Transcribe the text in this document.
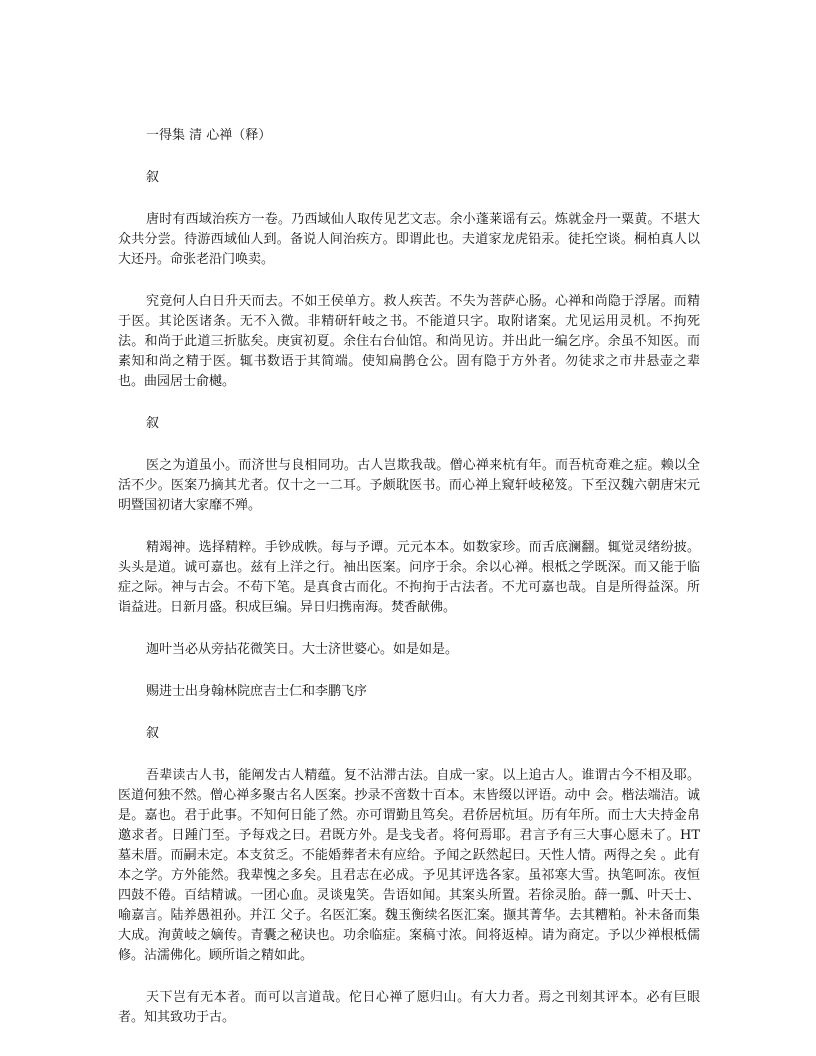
一得集 清 心禅（释）

叙

唐时有西域治疾方一卷。乃西域仙人取传见艺文志。余小蓬莱谣有云。炼就金丹一粟黄。不堪大众共分尝。待游西域仙人到。备说人间治疾方。即谓此也。夫道家龙虎铅汞。徒托空谈。桐柏真人以大还丹。命张老沿门唤卖。

究竟何人白日升天而去。不如王侯单方。救人疾苦。不失为菩萨心肠。心禅和尚隐于浮屠。而精于医。其论医诸条。无不入微。非精研轩岐之书。不能道只字。取附诸案。尤见运用灵机。不拘死法。和尚于此道三折肱矣。庚寅初夏。余住右台仙馆。和尚见访。并出此一编乞序。余虽不知医。而素知和尚之精于医。辄书数语于其简端。使知扁鹊仓公。固有隐于方外者。勿徒求之市井悬壶之辈也。曲园居士俞樾。

叙

医之为道虽小。而济世与良相同功。古人岂欺我哉。僧心禅来杭有年。而吾杭奇难之症。赖以全活不少。医案乃摘其尤者。仅十之一二耳。予颇耽医书。而心禅上窥轩岐秘笈。下至汉魏六朝唐宋元明暨国初诸大家靡不殚。

精竭神。选择精粹。手钞成帙。每与予谭。元元本本。如数家珍。而舌底澜翻。辄觉灵绪纷披。头头是道。诚可嘉也。兹有上洋之行。袖出医案。问序于余。余以心禅。根柢之学既深。而又能于临症之际。神与古会。不苟下笔。是真食古而化。不拘拘于古法者。不尤可嘉也哉。自是所得益深。所诣益进。日新月盛。积成巨编。异日归携南海。焚香献佛。

迦叶当必从旁拈花微笑日。大士济世婆心。如是如是。

赐进士出身翰林院庶吉士仁和李鹏飞序

叙

吾辈读古人书，能阐发古人精蕴。复不沾滞古法。自成一家。以上追古人。谁谓古今不相及耶。医道何独不然。僧心禅多聚古名人医案。抄录不啻数十百本。末皆缀以评语。动中 会。楷法端洁。诚是。嘉也。君于此事。不知何日能了然。亦可谓勤且笃矣。君侨居杭垣。历有年所。而士大夫持金帛邀求者。日踵门至。予每戏之曰。君既方外。是戋戋者。将何焉耶。君言予有三大事心愿未了。HT 墓未厝。而嗣未定。本支贫乏。不能婚葬者未有应给。予闻之跃然起曰。天性人情。两得之矣 。此有本之学。方外能然。我辈愧之多矣。且君志在必成。予见其评选各家。虽祁寒大雪。执笔呵冻。夜恒四鼓不倦。百结精诚。一团心血。灵谈鬼笑。告语如闻。其案头所置。若徐灵胎。薛一瓢、叶天士、喻嘉言。陆养愚祖孙。并江 父子。名医汇案。魏玉衡续名医汇案。撷其菁华。去其糟粕。补未备而集大成。洵黄岐之嫡传。青囊之秘诀也。功余临症。案稿寸浓。间将返棹。请为商定。予以少禅根柢儒修。沾濡佛化。顾所诣之精如此。

天下岂有无本者。而可以言道哉。佗日心禅了愿归山。有大力者。焉之刊刻其评本。必有巨眼者。知其致功于古。
